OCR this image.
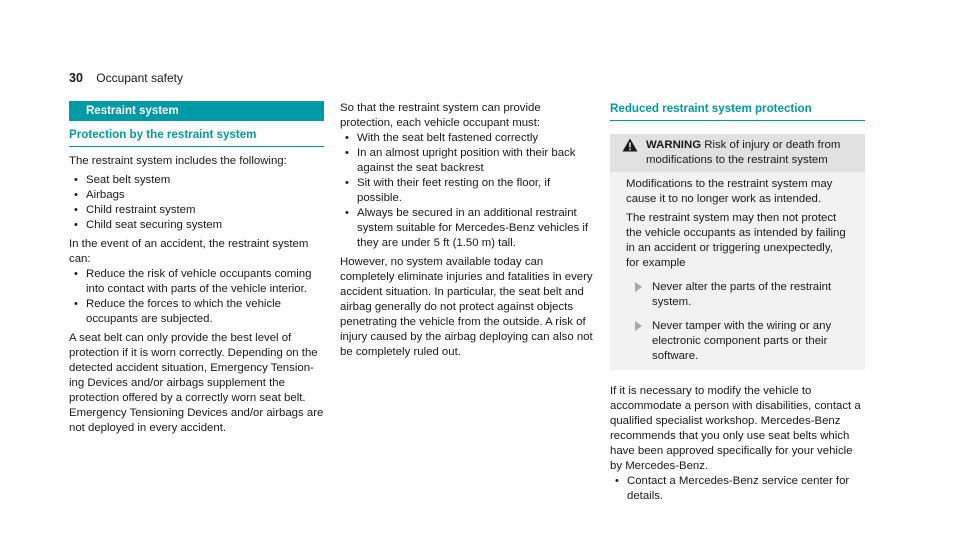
30 Occupant safety
Restraint system
Protection by the restraint system

The restraint system includes the following:

• Seat belt system
• Airbags
• Child restraint system
• Child seat securing system

In the event of an accident, the restraint system can:

• Reduce the risk of vehicle occupants coming into contact with parts of the vehicle interior.
• Reduce the forces to which the vehicle occupants are subjected.

A seat belt can only provide the best level of protection if it is worn correctly. Depending on the detected accident situation, Emergency Tension-ing Devices and/or airbags supplement the protection offered by a correctly worn seat belt. Emergency Tensioning Devices and/or airbags are not deployed in every accident.

So that the restraint system can provide protection, each vehicle occupant must:

• With the seat belt fastened correctly
• In an almost upright position with their back against the seat backrest
• Sit with their feet resting on the floor, if possible.
• Always be secured in an additional restraint system suitable for Mercedes-Benz vehicles if they are under 5 ft (1.50 m) tall.

However, no system available today can completely eliminate injuries and fatalities in every accident situation. In particular, the seat belt and airbag generally do not protect against objects penetrating the vehicle from the outside. A risk of injury caused by the airbag deploying can also not be completely ruled out.

Reduced restraint system protection
WARNING Risk of injury or death from modifications to the restraint system

Modifications to the restraint system may cause it to no longer work as intended.

The restraint system may then not protect the vehicle occupants as intended by failing in an accident or triggering unexpectedly, for example

Never alter the parts of the restraint system.
Never tamper with the wiring or any electronic component parts or their software.

If it is necessary to modify the vehicle to accommodate a person with disabilities, contact a qualified specialist workshop. Mercedes-Benz recommends that you only use seat belts which have been approved specifically for your vehicle by Mercedes-Benz.

• Contact a Mercedes-Benz service center for details.
